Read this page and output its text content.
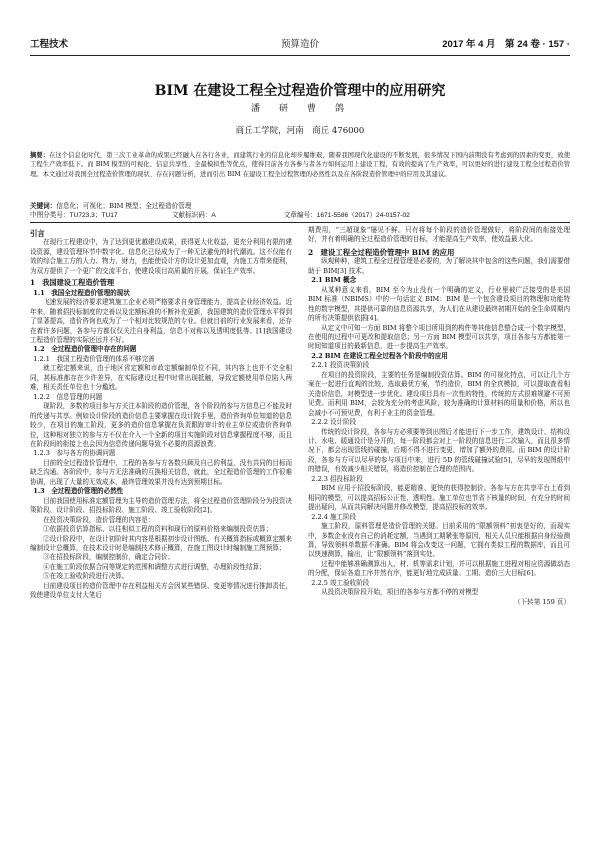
工程技术	预算造价	2017 年 4 月　第 24 卷 · 157 ·
BIM 在建设工程全过程造价管理中的应用研究
潘　研　曹　鸽
商丘工学院，河南　商丘 476000
摘要：在这个信息化时代，第三次工业革命的成果已经融入在各行各业，而建筑行业的信息化却步履维艰，随着我国现代化建设的不断发展，很多情况下国内前期没有考虑到的因素的变更，致使工程生产效率低下。而 BIM 模型的可视化、信息共享性、全最模拟性等优点，使得目前各方各参与者各方如何运用上建设工程，有效的提高了生产效率，可以更好的进行建设工程全过程造价管理。本文通过对我国全过程造价管理的现状、存在问题分析，进而引出 BIM 在建设工程全过程管理的必然性以及在各阶段造价管理中的应用及其建议。
关键词：信息化；可视化；BIM 模型；全过程造价管理
中图分类号：TU723.3；TU17	文献标识码：A	文章编号：1671-5586（2017）24-0157-02

引言

在现行工程建设中，为了达到更优越建设成果，获得更大化收益，更充分利用有限的建设资源，建设管理环节中数字化、信息化已经成为了一种无法避免的时代潮流。这不仅能有效的综合施工方的人力、物力、财力，也能使设计方的设计更加直观，为施工方带来便利，为双方提供了一个更广的交流平台，使建设项目高质量的开展，保证生产效率。

1　我国建设工程造价管理

1.1　我国全过程造价管理的现状

飞速发展的经济要求建筑施工企业必须严格要求自身管理能力，提高企业经济效益。近年来，随着招投标制度的完善以及定额标准的不断补充更新，我国建筑的造价管理水平得到了显著提高，造价咨询也成为了一个相对比较规范的专业。但就目前的行业发展来看，还存在着许多问题，各参与方都仅仅关注自身利益，信息不对称以及透明度低等。[1]我国建设工程造价管理的实际还远并不好。

1.2　全过程造价管理中存在的问题

1.2.1　我国工程造价管理的体系不够完善

就工程定额来说，由于地区省定额和市政定额编制单位不同，其内容上也并不完全相同，甚标准都存在少许差异，在实际建设过程中时常出现抵触，导致定额使用单位陷入两难，相关责任单位也十分尴尬。

1.2.2　信息管理的问题

现阶段，多数的项目参与方关注本阶段的造价管理，各个阶段的参与方信息已不能及时的传递与共享。例如设计阶段的造价信息主要掌握在设计院手里，造价咨询单位知道的信息较少，在项目的施工阶段，更多的造价信息掌握在负责跟踪审计的业主单位或造价咨询单位，这种相对独立的参与方不仅在介入一个全新的项目实施阶段对信息掌握程度不够，而且在阶段间的衔接上也会因为信息传递问题导致不必要的资源浪费。

1.2.3　参与各方的协调问题

目前的全过程造价管理中，工程的各参与方各数只顾及自己的利益，没有共同的目标而缺乏沟通。各阶段中，参与方无法准确的互换相关信息，就此，全过程造价管理的工作很难协调，出现了大量的无效成本，最终管理效果并没有达到预期目标。

1.3　全过程造价管理的必然性

目前我国使用标准定额管理为主导的造价管理方法，将全过程造价管理阶段分为投资决策阶段、设计阶段、招投标阶段、施工阶段、竣工验收阶段[2]。

在投资决策阶段，造价管理的内容是：

①依据投资估算指标、以往相似工程的资料和现行的原料价格来编制投资估算；

②设计阶段中，在设计初阶时其内容是根据初步设计图纸、有关概算指标或概算定额来编制设计总概算，在技术设计时是编制技术修正概算，在施工图设计时编制施工图预算；

③在招投标阶段，编制控制价，确定合同价；

④在施工阶段依据合同等规定的范围和调整方式进行调整，办理阶段性结算；

⑤在竣工验收阶段进行决算。

目前建设项目的造价管理中存在利益相关方会因某些错误、变更等情况进行推卸责任，致使建设单位支付大笔后

期费用，“三超现象”屡见不鲜。只有将每个阶段的造价管理做好，将阶段间的衔接处理好，并有着明确的全过程造价管理的目标，才能提高生产效率，使效益最大化。

2　建设工程全过程造价管理中 BIM 的应用

纵观种种，建筑工程全过程管理是必要的，为了解决其中包含的这些问题，我们需要借助于 BIM[3] 技术。

2.1 BIM 概念

从某种意义来看，BIM 至今为止没有一个明确的定义，行业里被广泛接受的是美国 BIM 标准（NBIMS）中的一句话定义 BIM：BIM 是一个包含建设项目的物理和功能特性的数字模型，其提供可靠的信息资源共享，为人们在从建设最终初期开始的全生命周期内的所有决策提供依据[4]。

从定义中可知一方面 BIM 将整个项目所用到的构件等其他信息整合成一个数字模型，在使用的过程中可更改和提取信息；另一方面 BIM 模型可以共享，项目各参与方都能第一时间知道项目的最新信息，进一步提高生产效率。

2.2 BIM 在建设工程全过程各个阶段中的应用

2.2.1 投资决策阶段

在项目的投资阶段，主要的任务是编制投资估算。BIM 的可视化特点，可以让几个方案在一起进行直观的比较，选取最优方案，节约造价，BIM 的全真模拟，可以提取查看相关造价信息，对模型进一步优化。建设项目具有一次性的特性，传统的方式很难规避不可预见费。而利用 BIM，会较为充分的考虑风险，较为准确的计算材料的用量和价格，所以也会减小不可预见费，有利于业主的资金管理。

2.2.2 设计阶段

传统的设计阶段，各参与方必须要等到出图后才能进行下一步工作，建筑设计、结构设计、水电、暖通设计是分开的，每一阶段都会对上一阶段的信息进行二次输入，而且很多情况下，都会出现管线的碰撞，后期不得不进行变更，增加了额外的费用。而 BIM 的设计阶段，各参与方可以尽早的参与项目中来，进行 5D 的管线碰撞试验[5]，尽早的发现图纸中的错误，有效减少相关错误，将造价控制在合理的范围内。

2.2.3 招投标阶段

BIM 应用于招投标阶段，能更精准、更快的获得控制价。各参与方在共享平台上看到相同的模型，可以提高招标公正性、透明性。施工单位也节省下核量的时间，有充分的时间提出疑问，从而共同解决问题并修改模型，提高招投标的效率。

2.2.4 施工阶段

施工阶段，原料管理是造价管理的关键。目前采用的“限额领料”初衷是好的，而现实中，多数企业没有自己的消耗定额，当遇到工期紧张等原因，相关人员只能根据自身经验测算，导致领料单数据不准确。BIM 将会改变这一问题，它拥有类似工程的数据库，而且可以快速测算，输出，让“限额领料”落到实处。

过程中能够准确测算出人、材、机等需求计划，并可以根据施工进程对相应资源做动态的分配，保证各道工序井然有序，能更好地完成质量、工期、造价三大目标[6]。

2.2.5 竣工验收阶段

从投资决策阶段开始，项目的各参与方都不停的对模型

（下转第 159 页）
